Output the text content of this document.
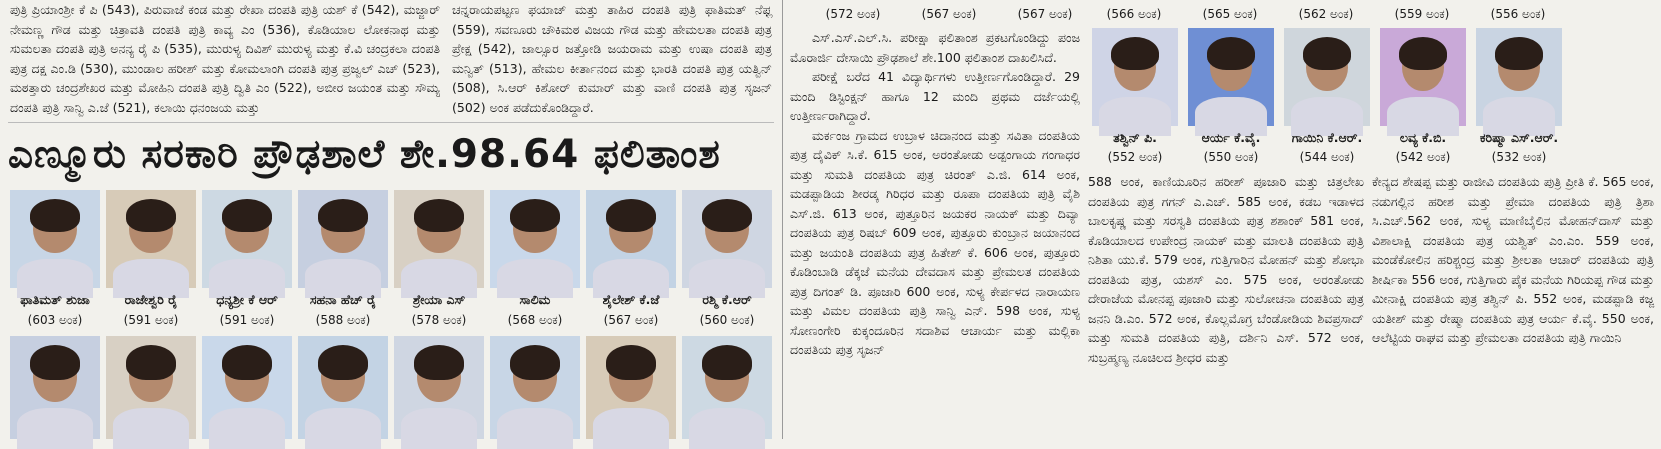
ಪುತ್ರಿ ಪ್ರಿಯಾಂಶ್ರೀ ಕೆ ಪಿ (543), ಪಿರುವಾಜೆ ಕಂಡ ಮತ್ತು ರೇಖಾ ದಂಪತಿ ಪುತ್ರಿ ಯಶ್ ಕೆ (542), ಮಜ್ಜಾರ್ ನೇಮಣ್ಣ ಗೌಡ ಮತ್ತು ಚಿತ್ರಾವತಿ ದಂಪತಿ ಪುತ್ರಿ ಕಾವ್ಯ ಎಂ (536), ಕೊಡಿಯಾಲ ಲೋಕನಾಥ ಮತ್ತು ಸುಮಲತಾ ದಂಪತಿ ಪುತ್ರಿ ಅನನ್ಯ ರೈ ಪಿ (535), ಮುರುಳ್ಯ ದಿವಿಶ್ ಮುರುಳ್ಯ ಮತ್ತು ಕೆ.ವಿ ಚಂದ್ರಕಲಾ ದಂಪತಿ ಪುತ್ರ ದಕ್ಷ ಎಂ.ಡಿ (530), ಮುಂಡಾಲ ಹರೀಶ್ ಮತ್ತು ಕೋಮಲಾಂಗಿ ದಂಪತಿ ಪುತ್ರ ಪ್ರಜ್ವಲ್ ಎಚ್ (523), ಮಠತ್ತಾರು ಚಂದ್ರಶೇಖರ ಮತ್ತು ಮೋಹಿನಿ ದಂಪತಿ ಪುತ್ರಿ ದ್ವಿತಿ ಎಂ (522), ಅಬೀರ ಜಯಂತ ಮತ್ತು ಸೌಮ್ಯ ದಂಪತಿ ಪುತ್ರಿ ಸಾನ್ವಿ ಎ.ಜೆ (521), ಕಲಾಯಿ ಧನಂಜಯ ಮತ್ತು

ಚನ್ನರಾಯಪಟ್ಟಣ ಫಯಾಜ್ ಮತ್ತು ತಾಹಿರ ದಂಪತಿ ಪುತ್ರಿ ಫಾತಿಮತ್ ನೆಫ್ಲ (559), ಸವಣೂರು ಚೌಕಿಮಠ ವಿಜಯ ಗೌಡ ಮತ್ತು ಹೇಮಲತಾ ದಂಪತಿ ಪುತ್ರ ಪ್ರೇಕ್ಷ (542), ಜಾಲ್ಸೂರ ಜತ್ತೋಡಿ ಜಯರಾಮ ಮತ್ತು ಉಷಾ ದಂಪತಿ ಪುತ್ರ ಮನ್ವಿತ್ (513), ಹೇಮಲ ಕೀರ್ತಾನಂದ ಮತ್ತು ಭಾರತಿ ದಂಪತಿ ಪುತ್ರ ಯತ್ವಿನ್ (508), ಸಿ.ಆರ್ ಕಿಶೋರ್ ಕುಮಾರ್ ಮತ್ತು ವಾಣಿ ದಂಪತಿ ಪುತ್ರ ಸೃಜನ್ (502) ಅಂಕ ಪಡೆದುಕೊಂಡಿದ್ದಾರೆ.

ಎಣ್ಮೂರು ಸರಕಾರಿ ಪ್ರೌಢಶಾಲೆ ಶೇ.98.64 ಫಲಿತಾಂಶ
ಫಾತಿಮತ್ ಶುಜಾ
(603 ಅಂಕ)
ರಾಜೇಶ್ವರಿ ರೈ
(591 ಅಂಕ)
ಧನ್ಯಶ್ರೀ ಕೆ ಆರ್
(591 ಅಂಕ)
ಸಹನಾ ಹೆಚ್ ರೈ
(588 ಅಂಕ)
ಶ್ರೇಯಾ ಎಸ್
(578 ಅಂಕ)
ಸಾಲಿಮ
(568 ಅಂಕ)
ಶೈಲೇಶ್ ಕೆ.ಜೆ
(567 ಅಂಕ)
ರಶ್ಮಿ ಕೆ.ಆರ್
(560 ಅಂಕ)
(572 ಅಂಕ)	(567 ಅಂಕ)	(567 ಅಂಕ)

ಎಸ್.ಎಸ್.ಎಲ್.ಸಿ. ಪರೀಕ್ಷಾ ಫಲಿತಾಂಶ ಪ್ರಕಟಗೊಂಡಿದ್ದು ಪಂಜ ಮೊರಾರ್ಜಿ ದೇಸಾಯಿ ಪ್ರೌಢಶಾಲೆ ಶೇ.100 ಫಲಿತಾಂಶ ದಾಖಲಿಸಿದೆ.

ಪರೀಕ್ಷೆ ಬರೆದ 41 ವಿದ್ಯಾರ್ಥಿಗಳು ಉತ್ತೀರ್ಣಗೊಂಡಿದ್ದಾರೆ. 29 ಮಂದಿ ಡಿಸ್ಟಿಂಕ್ಷನ್ ಹಾಗೂ 12 ಮಂದಿ ಪ್ರಥಮ ದರ್ಜೆಯಲ್ಲಿ ಉತ್ತೀರ್ಣರಾಗಿದ್ದಾರೆ.

ಮರ್ಕಂಜ ಗ್ರಾಮದ ಉಬ್ರಾಳ ಚಿದಾನಂದ ಮತ್ತು ಸವಿತಾ ದಂಪತಿಯ ಪುತ್ರ ದೈವಿಕ್ ಸಿ.ಕೆ. 615 ಅಂಕ, ಅರಂತೋಡು ಅಡ್ಪಂಗಾಯ ಗಂಗಾಧರ ಮತ್ತು ಸುಮತಿ ದಂಪತಿಯ ಪುತ್ರ ಚಿರಂತ್ ಎ.ಜಿ. 614 ಅಂಕ, ಮಡಪ್ಪಾಡಿಯ ಶೀರಡ್ಕ ಗಿರಿಧರ ಮತ್ತು ರೂಪಾ ದಂಪತಿಯ ಪುತ್ರಿ ವೈಶಿ ಎಸ್.ಜಿ. 613 ಅಂಕ, ಪುತ್ತೂರಿನ ಜಯಕರ ನಾಯಕ್ ಮತ್ತು ದಿವ್ಯಾ ದಂಪತಿಯ ಪುತ್ರ ರಿಷಬ್ 609 ಅಂಕ, ಪುತ್ತೂರು ಕುಂಬ್ರಾನ ಜಯಾನಂದ ಮತ್ತು ಜಯಂತಿ ದಂಪತಿಯ ಪುತ್ರ ಹಿತೇಶ್ ಕೆ. 606 ಅಂಕ, ಪುತ್ತೂರು ಕೊಡಿಂಬಾಡಿ ಡೆಕ್ಕಜೆ ಮನೆಯ ದೇವದಾಸ ಮತ್ತು ಪ್ರೇಮಲತ ದಂಪತಿಯ ಪುತ್ರ ದಿಗಂತ್ ಡಿ. ಪೂಜಾರಿ 600 ಅಂಕ, ಸುಳ್ಯ ಕೇರ್ಪಳದ ನಾರಾಯಣ ಮತ್ತು ವಿಮಲ ದಂಪತಿಯ ಪುತ್ರಿ ಸಾನ್ವಿ ಎನ್. 598 ಅಂಕ, ಸುಳ್ಯ ಸೋಣಂಗೇರಿ ಕುಕ್ಕಂದೂರಿನ ಸದಾಶಿವ ಆಚಾರ್ಯ ಮತ್ತು ಮಲ್ಲಿಕಾ ದಂಪತಿಯ ಪುತ್ರ ಸೃಜನ್

(566 ಅಂಕ)	(565 ಅಂಕ)	(562 ಅಂಕ)	(559 ಅಂಕ)	(556 ಅಂಕ)
ತಶ್ವಿನ್ ಪಿ.
(552 ಅಂಕ)
ಆರ್ಯ ಕೆ.ವೈ.
(550 ಅಂಕ)
ಗಾಯಿನಿ ಕೆ.ಆರ್.
(544 ಅಂಕ)
ಲವ್ಯ ಕೆ.ಬಿ.
(542 ಅಂಕ)
ಕರಿಷ್ಮಾ ಎಸ್.ಆರ್.
(532 ಅಂಕ)

588 ಅಂಕ, ಕಾಣಿಯೂರಿನ ಹರೀಶ್ ಪೂಜಾರಿ ಮತ್ತು ಚಿತ್ರಲೇಖ ದಂಪತಿಯ ಪುತ್ರ ಗಗನ್ ಎ.ಎಚ್. 585 ಅಂಕ, ಕಡಬ ಇಡಾಳದ ಬಾಲಕೃಷ್ಣ ಮತ್ತು ಸರಸ್ವತಿ ದಂಪತಿಯ ಪುತ್ರ ಶಶಾಂಕ್ 581 ಅಂಕ, ಕೊಡಿಯಾಲದ ಉಪೇಂದ್ರ ನಾಯಕ್ ಮತ್ತು ಮಾಲತಿ ದಂಪತಿಯ ಪುತ್ರಿ ನಿಶಿತಾ ಯು.ಕೆ. 579 ಅಂಕ, ಗುತ್ತಿಗಾರಿನ ಮೋಹನ್ ಮತ್ತು ಶೋಭಾ ದಂಪತಿಯ ಪುತ್ರ, ಯಶಸ್ ಎಂ. 575 ಅಂಕ, ಅರಂತೋಡು ದೇರಾಜೆಯ ಮೋನಪ್ಪ ಪೂಜಾರಿ ಮತ್ತು ಸುಲೋಚನಾ ದಂಪತಿಯ ಪುತ್ರ ಜನನಿ ಡಿ.ಎಂ. 572 ಅಂಕ, ಕೊಲ್ಲಮೊಗ್ರ ಬೆಂಡೋಡಿಯ ಶಿವಪ್ರಸಾದ್ ಮತ್ತು ಸುಮತಿ ದಂಪತಿಯ ಪುತ್ರಿ, ದರ್ಶಿನಿ ಎಸ್. 572 ಅಂಕ, ಸುಬ್ರಹ್ಮಣ್ಯ ನೂಚಿಲದ ಶ್ರೀಧರ ಮತ್ತು

ಕೇನ್ಯದ ಶೇಷಪ್ಪ ಮತ್ತು ರಾಜೀವಿ ದಂಪತಿಯ ಪುತ್ರಿ ಪ್ರೀತಿ ಕೆ. 565 ಅಂಕ, ನಡುಗಲ್ಲಿನ ಹರೀಶ ಮತ್ತು ಪ್ರೇಮಾ ದಂಪತಿಯ ಪುತ್ರಿ ತ್ರಿಶಾ ಸಿ.ಎಚ್.562 ಅಂಕ, ಸುಳ್ಯ ಮಾಣಿಬೈಲಿನ ಮೋಹನ್‌ದಾಸ್ ಮತ್ತು ವಿಶಾಲಾಕ್ಷಿ ದಂಪತಿಯ ಪುತ್ರ ಯಶ್ವಿತ್ ಎಂ.ಎಂ. 559 ಅಂಕ, ಮಂಡೆಕೋಲಿನ ಹರಿಶ್ಚಂದ್ರ ಮತ್ತು ಶ್ರೀಲತಾ ಆಚಾರ್ ದಂಪತಿಯ ಪುತ್ರಿ ಶೀರ್ಷಿಕಾ 556 ಅಂಕ, ಗುತ್ತಿಗಾರು ಪೈಕ ಮನೆಯ ಗಿರಿಯಪ್ಪ ಗೌಡ ಮತ್ತು ಮೀನಾಕ್ಷಿ ದಂಪತಿಯ ಪುತ್ರ ತಶ್ವಿನ್ ಪಿ. 552 ಅಂಕ, ಮಡಪ್ಪಾಡಿ ಕಜ್ಜ ಯತೀಶ್ ಮತ್ತು ರೇಷ್ಮಾ ದಂಪತಿಯ ಪುತ್ರ ಆರ್ಯ ಕೆ.ವೈ. 550 ಅಂಕ, ಆಲೆಟ್ಟಿಯ ರಾಘವ ಮತ್ತು ಪ್ರೇಮಲತಾ ದಂಪತಿಯ ಪುತ್ರಿ ಗಾಯಿನಿ
